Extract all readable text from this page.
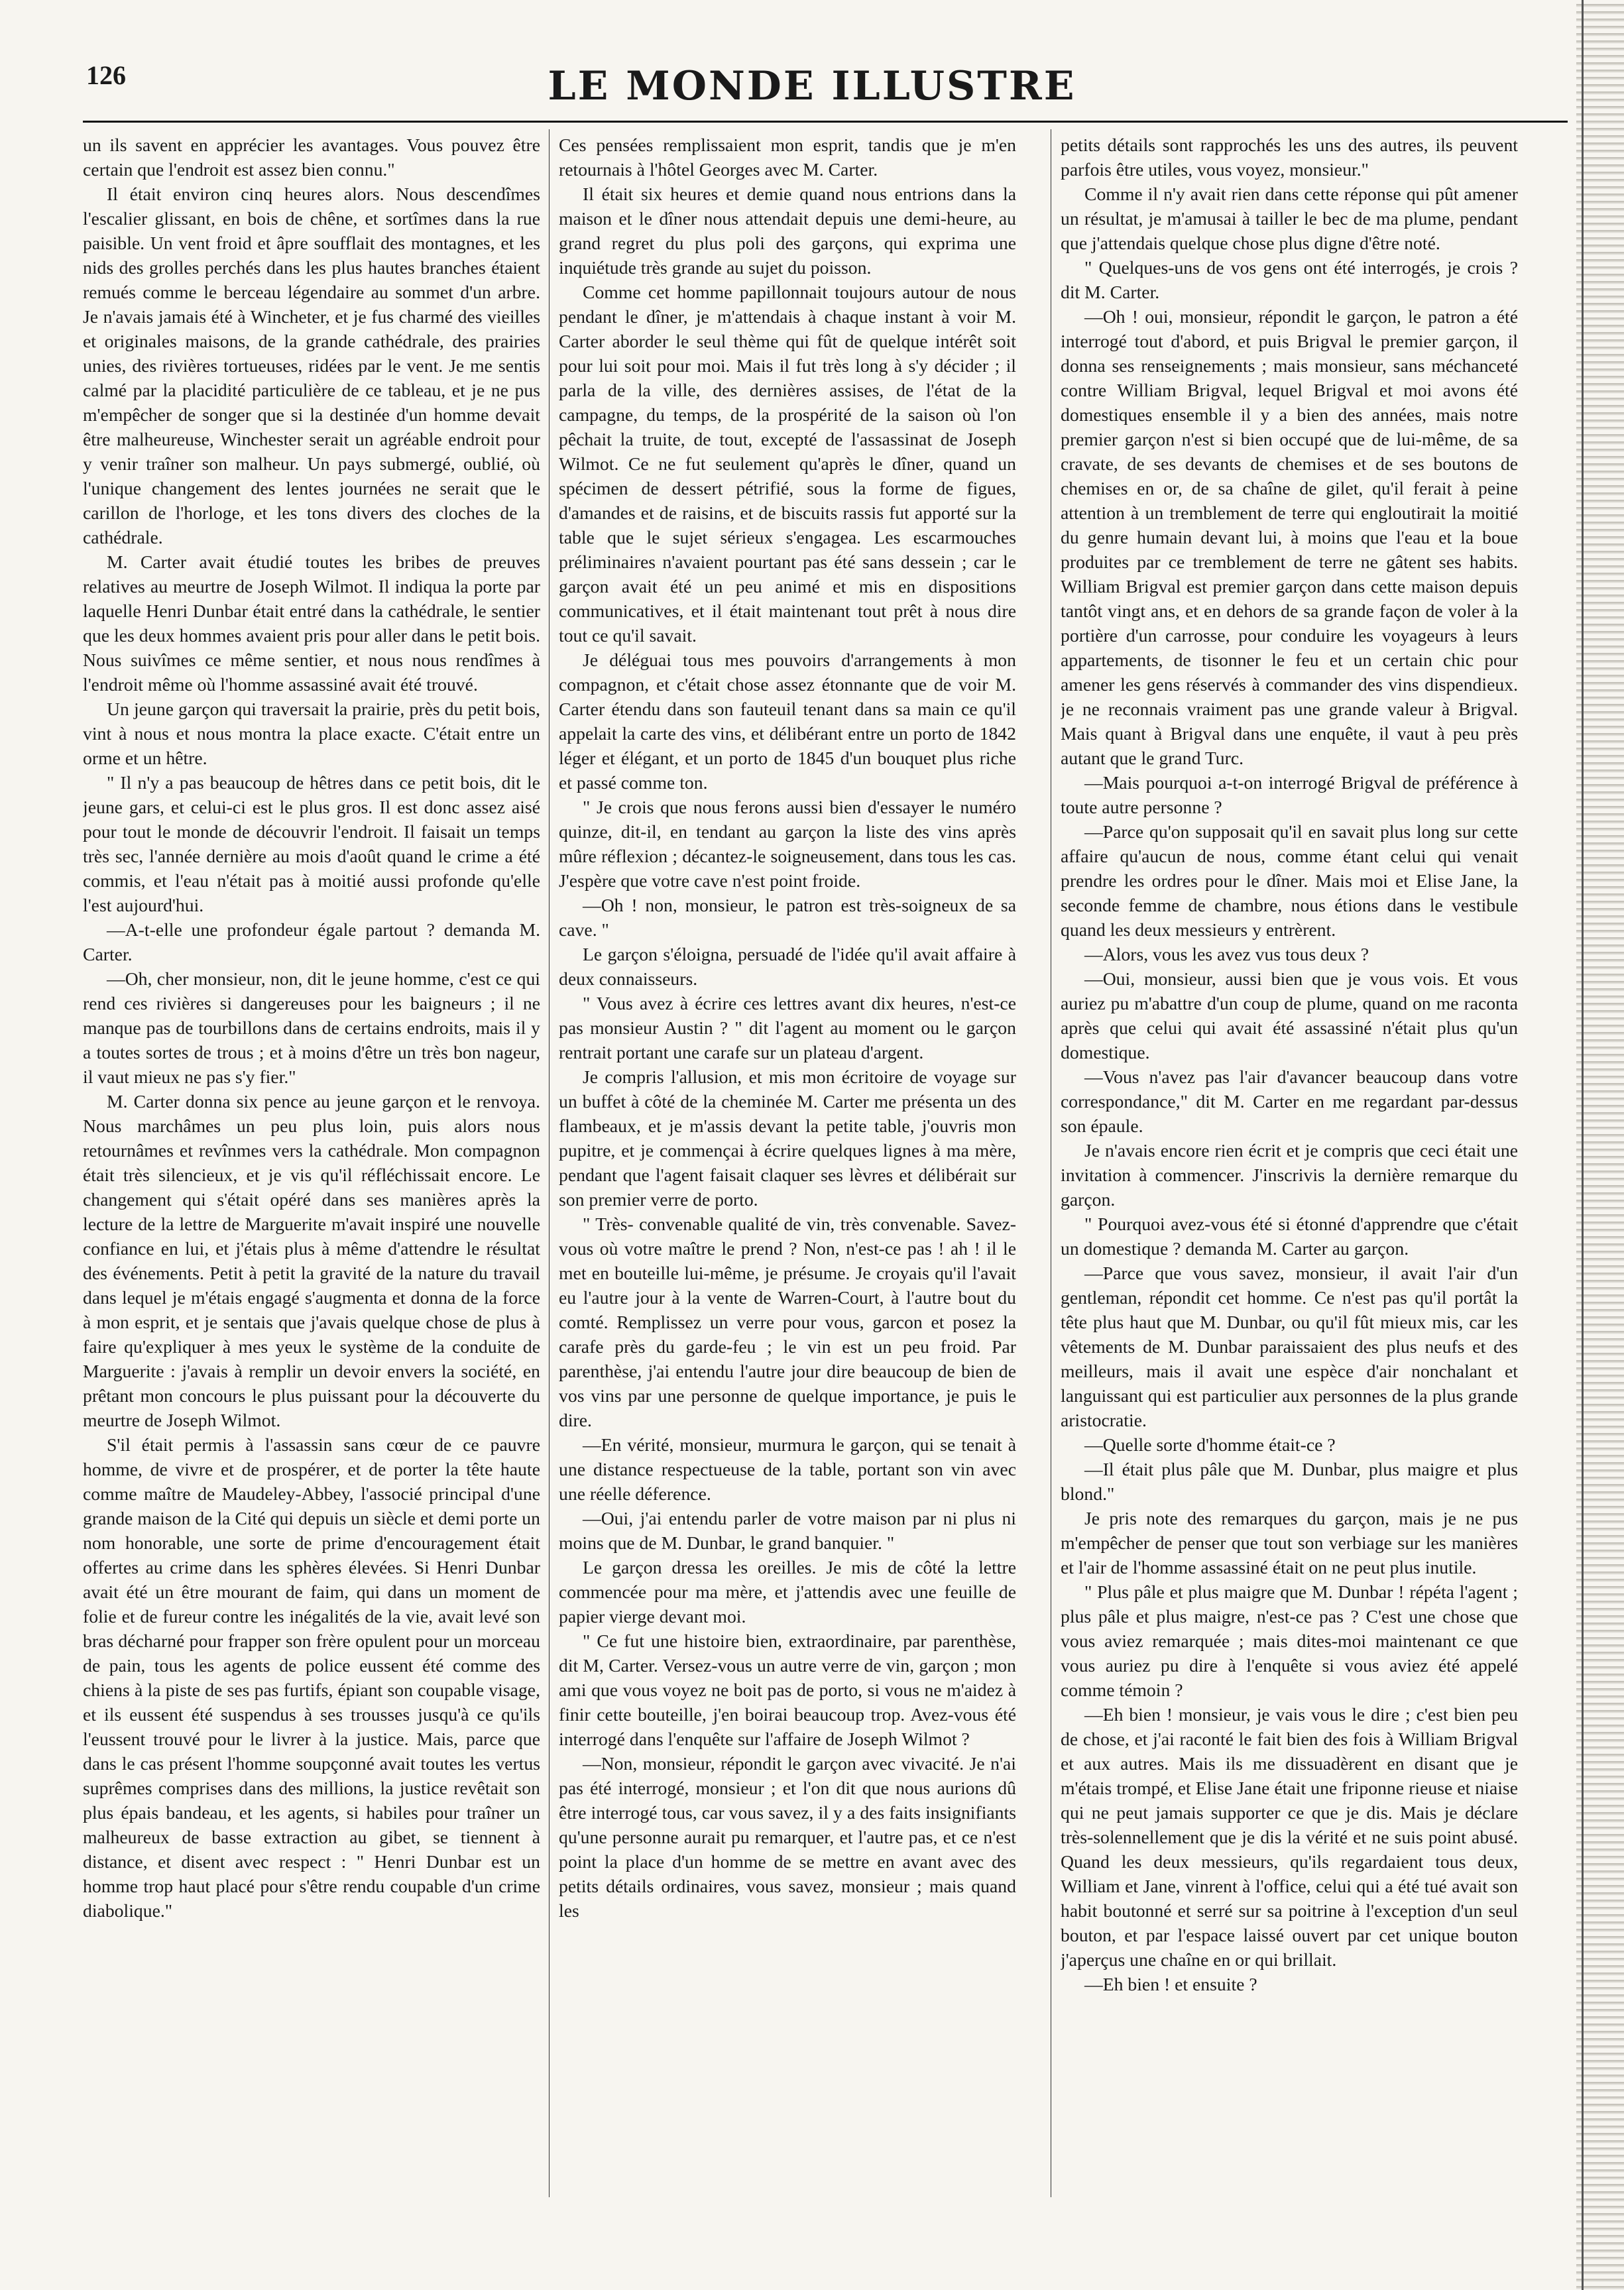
126	LE MONDE ILLUSTRE

un ils savent en apprécier les avantages. Vous pouvez être certain que l'endroit est assez bien connu."

Il était environ cinq heures alors. Nous descendîmes l'escalier glissant, en bois de chêne, et sortîmes dans la rue paisible. Un vent froid et âpre soufflait des montagnes, et les nids des grolles perchés dans les plus hautes branches étaient remués comme le berceau légendaire au sommet d'un arbre. Je n'avais jamais été à Wincheter, et je fus charmé des vieilles et originales maisons, de la grande cathédrale, des prairies unies, des rivières tortueuses, ridées par le vent. Je me sentis calmé par la placidité particulière de ce tableau, et je ne pus m'empêcher de songer que si la destinée d'un homme devait être malheureuse, Winchester serait un agréable endroit pour y venir traîner son malheur. Un pays submergé, oublié, où l'unique changement des lentes journées ne serait que le carillon de l'horloge, et les tons divers des cloches de la cathédrale.

M. Carter avait étudié toutes les bribes de preuves relatives au meurtre de Joseph Wilmot. Il indiqua la porte par laquelle Henri Dunbar était entré dans la cathédrale, le sentier que les deux hommes avaient pris pour aller dans le petit bois. Nous suivîmes ce même sentier, et nous nous rendîmes à l'endroit même où l'homme assassiné avait été trouvé.

Un jeune garçon qui traversait la prairie, près du petit bois, vint à nous et nous montra la place exacte. C'était entre un orme et un hêtre.

" Il n'y a pas beaucoup de hêtres dans ce petit bois, dit le jeune gars, et celui-ci est le plus gros. Il est donc assez aisé pour tout le monde de découvrir l'endroit. Il faisait un temps très sec, l'année dernière au mois d'août quand le crime a été commis, et l'eau n'était pas à moitié aussi profonde qu'elle l'est aujourd'hui.

—A-t-elle une profondeur égale partout ? demanda M. Carter.

—Oh, cher monsieur, non, dit le jeune homme, c'est ce qui rend ces rivières si dangereuses pour les baigneurs ; il ne manque pas de tourbillons dans de certains endroits, mais il y a toutes sortes de trous ; et à moins d'être un très bon nageur, il vaut mieux ne pas s'y fier."

M. Carter donna six pence au jeune garçon et le renvoya. Nous marchâmes un peu plus loin, puis alors nous retournâmes et revînmes vers la cathédrale. Mon compagnon était très silencieux, et je vis qu'il réfléchissait encore. Le changement qui s'était opéré dans ses manières après la lecture de la lettre de Marguerite m'avait inspiré une nouvelle confiance en lui, et j'étais plus à même d'attendre le résultat des événements. Petit à petit la gravité de la nature du travail dans lequel je m'étais engagé s'augmenta et donna de la force à mon esprit, et je sentais que j'avais quelque chose de plus à faire qu'expliquer à mes yeux le système de la conduite de Marguerite : j'avais à remplir un devoir envers la société, en prêtant mon concours le plus puissant pour la découverte du meurtre de Joseph Wilmot.

S'il était permis à l'assassin sans cœur de ce pauvre homme, de vivre et de prospérer, et de porter la tête haute comme maître de Maudeley-Abbey, l'associé principal d'une grande maison de la Cité qui depuis un siècle et demi porte un nom honorable, une sorte de prime d'encouragement était offertes au crime dans les sphères élevées. Si Henri Dunbar avait été un être mourant de faim, qui dans un moment de folie et de fureur contre les inégalités de la vie, avait levé son bras décharné pour frapper son frère opulent pour un morceau de pain, tous les agents de police eussent été comme des chiens à la piste de ses pas furtifs, épiant son coupable visage, et ils eussent été suspendus à ses trousses jusqu'à ce qu'ils l'eussent trouvé pour le livrer à la justice. Mais, parce que dans le cas présent l'homme soupçonné avait toutes les vertus suprêmes comprises dans des millions, la justice revêtait son plus épais bandeau, et les agents, si habiles pour traîner un malheureux de basse extraction au gibet, se tiennent à distance, et disent avec respect : " Henri Dunbar est un homme trop haut placé pour s'être rendu coupable d'un crime diabolique."

Ces pensées remplissaient mon esprit, tandis que je m'en retournais à l'hôtel Georges avec M. Carter.

Il était six heures et demie quand nous entrions dans la maison et le dîner nous attendait depuis une demi-heure, au grand regret du plus poli des garçons, qui exprima une inquiétude très grande au sujet du poisson.

Comme cet homme papillonnait toujours autour de nous pendant le dîner, je m'attendais à chaque instant à voir M. Carter aborder le seul thème qui fût de quelque intérêt soit pour lui soit pour moi. Mais il fut très long à s'y décider ; il parla de la ville, des dernières assises, de l'état de la campagne, du temps, de la prospérité de la saison où l'on pêchait la truite, de tout, excepté de l'assassinat de Joseph Wilmot. Ce ne fut seulement qu'après le dîner, quand un spécimen de dessert pétrifié, sous la forme de figues, d'amandes et de raisins, et de biscuits rassis fut apporté sur la table que le sujet sérieux s'engagea. Les escarmouches préliminaires n'avaient pourtant pas été sans dessein ; car le garçon avait été un peu animé et mis en dispositions communicatives, et il était maintenant tout prêt à nous dire tout ce qu'il savait.

Je déléguai tous mes pouvoirs d'arrangements à mon compagnon, et c'était chose assez étonnante que de voir M. Carter étendu dans son fauteuil tenant dans sa main ce qu'il appelait la carte des vins, et délibérant entre un porto de 1842 léger et élégant, et un porto de 1845 d'un bouquet plus riche et passé comme ton.

" Je crois que nous ferons aussi bien d'essayer le numéro quinze, dit-il, en tendant au garçon la liste des vins après mûre réflexion ; décantez-le soigneusement, dans tous les cas. J'espère que votre cave n'est point froide.

—Oh ! non, monsieur, le patron est très-soigneux de sa cave. "

Le garçon s'éloigna, persuadé de l'idée qu'il avait affaire à deux connaisseurs.

" Vous avez à écrire ces lettres avant dix heures, n'est-ce pas monsieur Austin ? " dit l'agent au moment ou le garçon rentrait portant une carafe sur un plateau d'argent.

Je compris l'allusion, et mis mon écritoire de voyage sur un buffet à côté de la cheminée M. Carter me présenta un des flambeaux, et je m'assis devant la petite table, j'ouvris mon pupitre, et je commençai à écrire quelques lignes à ma mère, pendant que l'agent faisait claquer ses lèvres et délibérait sur son premier verre de porto.

" Très- convenable qualité de vin, très convenable. Savez-vous où votre maître le prend ? Non, n'est-ce pas ! ah ! il le met en bouteille lui-même, je présume. Je croyais qu'il l'avait eu l'autre jour à la vente de Warren-Court, à l'autre bout du comté. Remplissez un verre pour vous, garcon et posez la carafe près du garde-feu ; le vin est un peu froid. Par parenthèse, j'ai entendu l'autre jour dire beaucoup de bien de vos vins par une personne de quelque importance, je puis le dire.

—En vérité, monsieur, murmura le garçon, qui se tenait à une distance respectueuse de la table, portant son vin avec une réelle déference.

—Oui, j'ai entendu parler de votre maison par ni plus ni moins que de M. Dunbar, le grand banquier. "

Le garçon dressa les oreilles. Je mis de côté la lettre commencée pour ma mère, et j'attendis avec une feuille de papier vierge devant moi.

" Ce fut une histoire bien, extraordinaire, par parenthèse, dit M, Carter. Versez-vous un autre verre de vin, garçon ; mon ami que vous voyez ne boit pas de porto, si vous ne m'aidez à finir cette bouteille, j'en boirai beaucoup trop. Avez-vous été interrogé dans l'enquête sur l'affaire de Joseph Wilmot ?

—Non, monsieur, répondit le garçon avec vivacité. Je n'ai pas été interrogé, monsieur ; et l'on dit que nous aurions dû être interrogé tous, car vous savez, il y a des faits insignifiants qu'une personne aurait pu remarquer, et l'autre pas, et ce n'est point la place d'un homme de se mettre en avant avec des petits détails ordinaires, vous savez, monsieur ; mais quand les

petits détails sont rapprochés les uns des autres, ils peuvent parfois être utiles, vous voyez, monsieur."

Comme il n'y avait rien dans cette réponse qui pût amener un résultat, je m'amusai à tailler le bec de ma plume, pendant que j'attendais quelque chose plus digne d'être noté.

" Quelques-uns de vos gens ont été interrogés, je crois ? dit M. Carter.

—Oh ! oui, monsieur, répondit le garçon, le patron a été interrogé tout d'abord, et puis Brigval le premier garçon, il donna ses renseignements ; mais monsieur, sans méchanceté contre William Brigval, lequel Brigval et moi avons été domestiques ensemble il y a bien des années, mais notre premier garçon n'est si bien occupé que de lui-même, de sa cravate, de ses devants de chemises et de ses boutons de chemises en or, de sa chaîne de gilet, qu'il ferait à peine attention à un tremblement de terre qui engloutirait la moitié du genre humain devant lui, à moins que l'eau et la boue produites par ce tremblement de terre ne gâtent ses habits. William Brigval est premier garçon dans cette maison depuis tantôt vingt ans, et en dehors de sa grande façon de voler à la portière d'un carrosse, pour conduire les voyageurs à leurs appartements, de tisonner le feu et un certain chic pour amener les gens réservés à commander des vins dispendieux. je ne reconnais vraiment pas une grande valeur à Brigval. Mais quant à Brigval dans une enquête, il vaut à peu près autant que le grand Turc.

—Mais pourquoi a-t-on interrogé Brigval de préférence à toute autre personne ?

—Parce qu'on supposait qu'il en savait plus long sur cette affaire qu'aucun de nous, comme étant celui qui venait prendre les ordres pour le dîner. Mais moi et Elise Jane, la seconde femme de chambre, nous étions dans le vestibule quand les deux messieurs y entrèrent.

—Alors, vous les avez vus tous deux ?

—Oui, monsieur, aussi bien que je vous vois. Et vous auriez pu m'abattre d'un coup de plume, quand on me raconta après que celui qui avait été assassiné n'était plus qu'un domestique.

—Vous n'avez pas l'air d'avancer beaucoup dans votre correspondance," dit M. Carter en me regardant par-dessus son épaule.

Je n'avais encore rien écrit et je compris que ceci était une invitation à commencer. J'inscrivis la dernière remarque du garçon.

" Pourquoi avez-vous été si étonné d'apprendre que c'était un domestique ? demanda M. Carter au garçon.

—Parce que vous savez, monsieur, il avait l'air d'un gentleman, répondit cet homme. Ce n'est pas qu'il portât la tête plus haut que M. Dunbar, ou qu'il fût mieux mis, car les vêtements de M. Dunbar paraissaient des plus neufs et des meilleurs, mais il avait une espèce d'air nonchalant et languissant qui est particulier aux personnes de la plus grande aristocratie.

—Quelle sorte d'homme était-ce ?

—Il était plus pâle que M. Dunbar, plus maigre et plus blond."

Je pris note des remarques du garçon, mais je ne pus m'empêcher de penser que tout son verbiage sur les manières et l'air de l'homme assassiné était on ne peut plus inutile.

" Plus pâle et plus maigre que M. Dunbar ! répéta l'agent ; plus pâle et plus maigre, n'est-ce pas ? C'est une chose que vous aviez remarquée ; mais dites-moi maintenant ce que vous auriez pu dire à l'enquête si vous aviez été appelé comme témoin ?

—Eh bien ! monsieur, je vais vous le dire ; c'est bien peu de chose, et j'ai raconté le fait bien des fois à William Brigval et aux autres. Mais ils me dissuadèrent en disant que je m'étais trompé, et Elise Jane était une friponne rieuse et niaise qui ne peut jamais supporter ce que je dis. Mais je déclare très-solennellement que je dis la vérité et ne suis point abusé. Quand les deux messieurs, qu'ils regardaient tous deux, William et Jane, vinrent à l'office, celui qui a été tué avait son habit boutonné et serré sur sa poitrine à l'exception d'un seul bouton, et par l'espace laissé ouvert par cet unique bouton j'aperçus une chaîne en or qui brillait.

—Eh bien ! et ensuite ?
